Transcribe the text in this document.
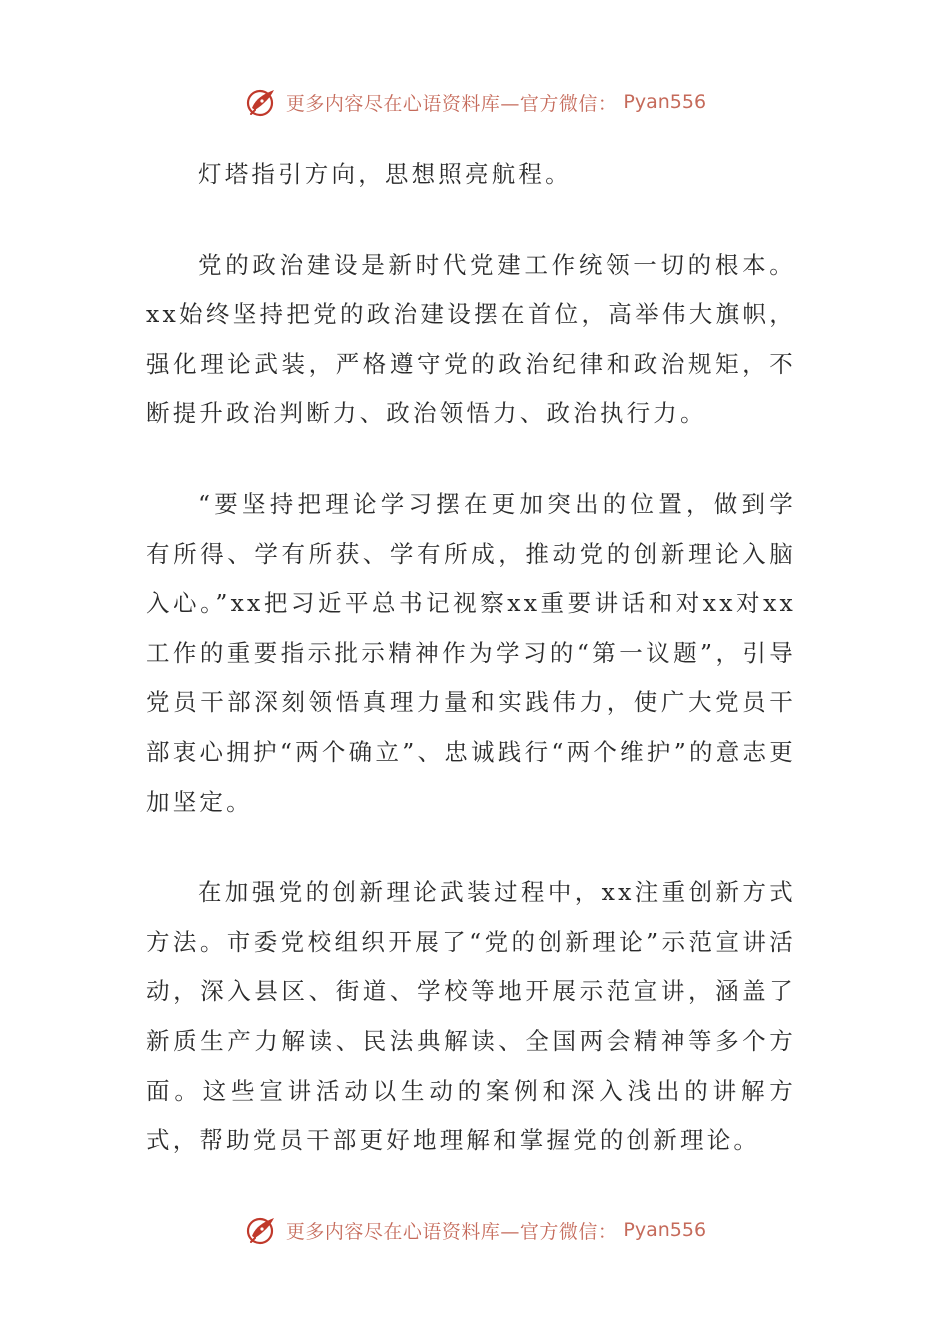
更多内容尽在心语资料库—官方微信： Pyan556

灯塔指引方向，思想照亮航程。

党的政治建设是新时代党建工作统领一切的根本。xx始终坚持把党的政治建设摆在首位，高举伟大旗帜，强化理论武装，严格遵守党的政治纪律和政治规矩，不断提升政治判断力、政治领悟力、政治执行力。

“要坚持把理论学习摆在更加突出的位置，做到学有所得、学有所获、学有所成，推动党的创新理论入脑入心。”xx把习近平总书记视察xx重要讲话和对xx对xx工作的重要指示批示精神作为学习的“第一议题”，引导党员干部深刻领悟真理力量和实践伟力，使广大党员干部衷心拥护“两个确立”、忠诚践行“两个维护”的意志更加坚定。

在加强党的创新理论武装过程中，xx注重创新方式方法。市委党校组织开展了“党的创新理论”示范宣讲活动，深入县区、街道、学校等地开展示范宣讲，涵盖了新质生产力解读、民法典解读、全国两会精神等多个方面。这些宣讲活动以生动的案例和深入浅出的讲解方式，帮助党员干部更好地理解和掌握党的创新理论。

更多内容尽在心语资料库—官方微信： Pyan556
